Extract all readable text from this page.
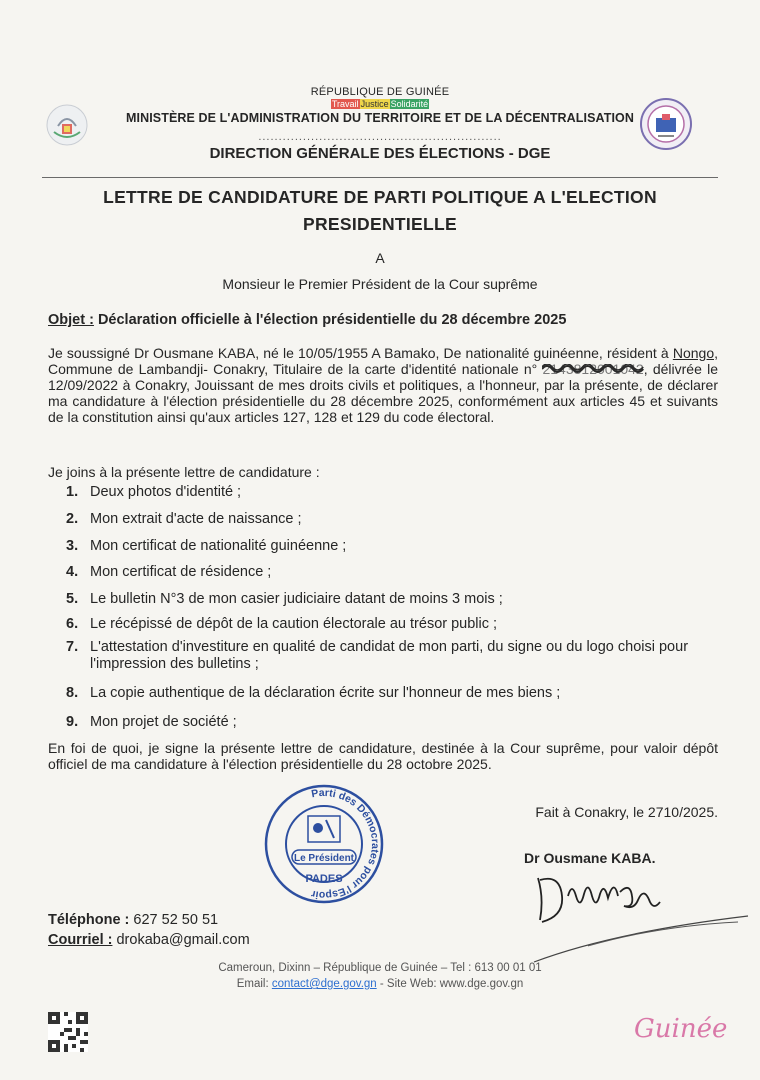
RÉPUBLIQUE DE GUINÉE
Travail Justice Solidarité
MINISTÈRE DE L'ADMINISTRATION DU TERRITOIRE ET DE LA DÉCENTRALISATION
............................................................
DIRECTION GÉNÉRALE DES ÉLECTIONS - DGE
LETTRE DE CANDIDATURE DE PARTI POLITIQUE A L'ELECTION
PRESIDENTIELLE
A
Monsieur le Premier Président de la Cour suprême
Objet : Déclaration officielle à l'élection présidentielle du 28 décembre 2025
Je soussigné Dr Ousmane KABA, né le 10/05/1955 A Bamako, De nationalité guinéenne, résident à Nongo, Commune de Lambandji- Conakry, Titulaire de la carte d'identité nationale n° 2143812001042
, délivrée le 12/09/2022 à Conakry, Jouissant de mes droits civils et politiques, a l'honneur, par la présente, de déclarer ma candidature à l'élection présidentielle du 28 décembre 2025, conformément aux articles 45 et suivants de la constitution ainsi qu'aux articles 127, 128 et 129 du code électoral.
Je joins à la présente lettre de candidature :
1. Deux photos d'identité ;
2. Mon extrait d'acte de naissance ;
3. Mon certificat de nationalité guinéenne ;
4. Mon certificat de résidence ;
5. Le bulletin N°3 de mon casier judiciaire datant de moins 3 mois ;
6. Le récépissé de dépôt de la caution électorale au trésor public ;
7. L'attestation d'investiture en qualité de candidat de mon parti, du signe ou du logo choisi pour l'impression des bulletins ;
8. La copie authentique de la déclaration écrite sur l'honneur de mes biens ;
9. Mon projet de société ;
En foi de quoi, je signe la présente lettre de candidature, destinée à la Cour suprême, pour valoir dépôt officiel de ma candidature à l'élection présidentielle du 28 octobre 2025.
Fait à Conakry, le 2710/2025.
Parti des Démocrates pour l'Espoir
Le Président
PADES
Dr Ousmane KABA.
Téléphone : 627 52 50 51
Courriel : drokaba@gmail.com
Cameroun, Dixinn – République de Guinée – Tel : 613 00 01 01
Email: contact@dge.gov.gn - Site Web: www.dge.gov.gn
Guinée
